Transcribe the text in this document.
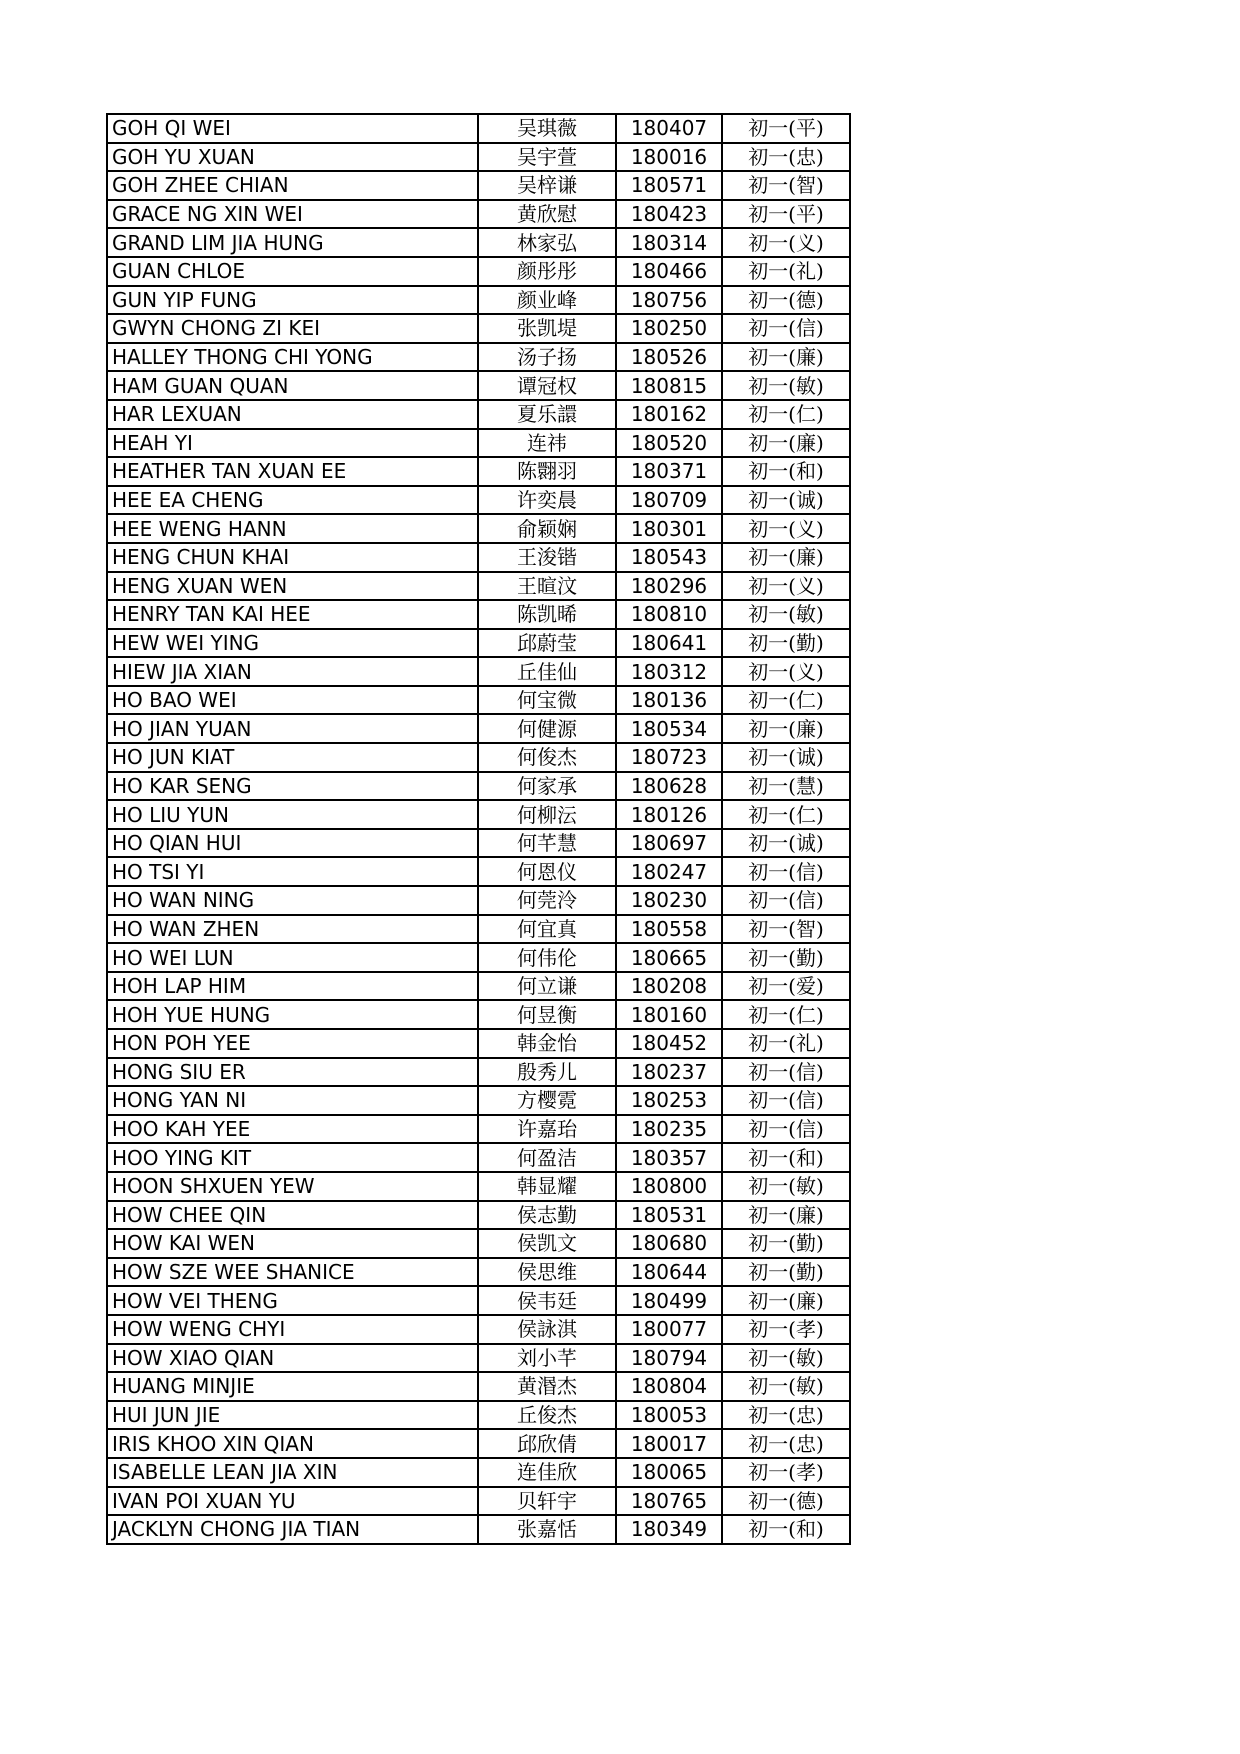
GOH QI WEI	吴琪薇	180407	初一(平)
GOH YU XUAN	吴宇萱	180016	初一(忠)
GOH ZHEE CHIAN	吴梓谦	180571	初一(智)
GRACE NG XIN WEI	黄欣慰	180423	初一(平)
GRAND LIM JIA HUNG	林家弘	180314	初一(义)
GUAN CHLOE	颜彤彤	180466	初一(礼)
GUN YIP FUNG	颜业峰	180756	初一(德)
GWYN CHONG ZI KEI	张凯堤	180250	初一(信)
HALLEY THONG CHI YONG	汤子扬	180526	初一(廉)
HAM GUAN QUAN	谭冠权	180815	初一(敏)
HAR LEXUAN	夏乐譞	180162	初一(仁)
HEAH YI	连祎	180520	初一(廉)
HEATHER TAN XUAN EE	陈翾羽	180371	初一(和)
HEE EA CHENG	许奕晨	180709	初一(诚)
HEE WENG HANN	俞颖娴	180301	初一(义)
HENG CHUN KHAI	王浚锴	180543	初一(廉)
HENG XUAN WEN	王暄汶	180296	初一(义)
HENRY TAN KAI HEE	陈凯晞	180810	初一(敏)
HEW WEI YING	邱蔚莹	180641	初一(勤)
HIEW JIA XIAN	丘佳仙	180312	初一(义)
HO BAO WEI	何宝微	180136	初一(仁)
HO JIAN YUAN	何健源	180534	初一(廉)
HO JUN KIAT	何俊杰	180723	初一(诚)
HO KAR SENG	何家承	180628	初一(慧)
HO LIU YUN	何柳沄	180126	初一(仁)
HO QIAN HUI	何芊慧	180697	初一(诚)
HO TSI YI	何恩仪	180247	初一(信)
HO WAN NING	何莞泠	180230	初一(信)
HO WAN ZHEN	何宜真	180558	初一(智)
HO WEI LUN	何伟伦	180665	初一(勤)
HOH LAP HIM	何立谦	180208	初一(爱)
HOH YUE HUNG	何昱衡	180160	初一(仁)
HON POH YEE	韩金怡	180452	初一(礼)
HONG SIU ER	殷秀儿	180237	初一(信)
HONG YAN NI	方樱霓	180253	初一(信)
HOO KAH YEE	许嘉珆	180235	初一(信)
HOO YING KIT	何盈洁	180357	初一(和)
HOON SHXUEN YEW	韩显耀	180800	初一(敏)
HOW CHEE QIN	侯志勤	180531	初一(廉)
HOW KAI WEN	侯凯文	180680	初一(勤)
HOW SZE WEE SHANICE	侯思维	180644	初一(勤)
HOW VEI THENG	侯韦廷	180499	初一(廉)
HOW WENG CHYI	侯詠淇	180077	初一(孝)
HOW XIAO QIAN	刘小芊	180794	初一(敏)
HUANG MINJIE	黄湣杰	180804	初一(敏)
HUI JUN JIE	丘俊杰	180053	初一(忠)
IRIS KHOO XIN QIAN	邱欣倩	180017	初一(忠)
ISABELLE LEAN JIA XIN	连佳欣	180065	初一(孝)
IVAN POI XUAN YU	贝轩宇	180765	初一(德)
JACKLYN CHONG JIA TIAN	张嘉恬	180349	初一(和)
